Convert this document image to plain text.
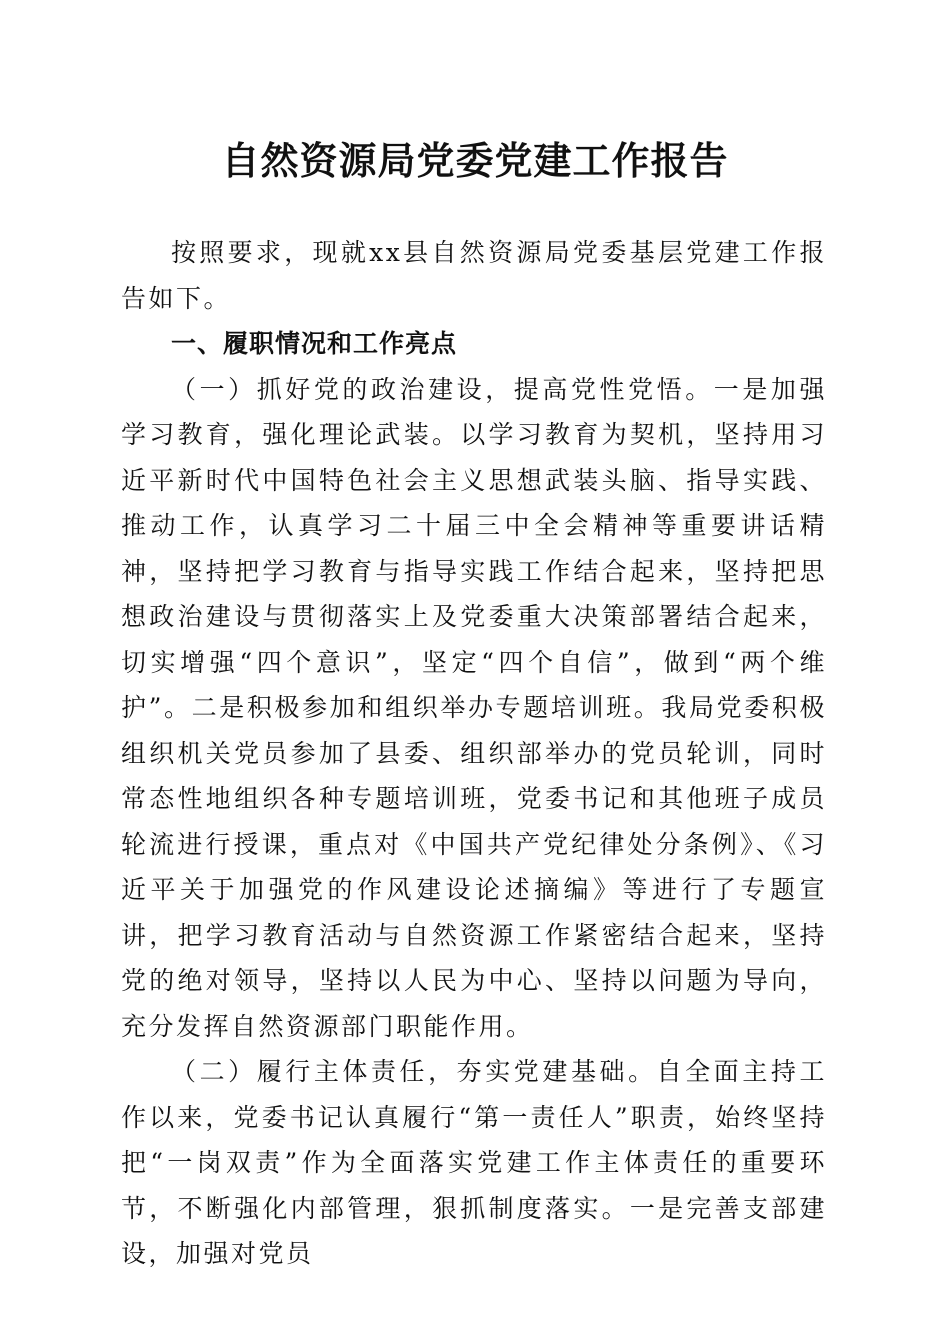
自然资源局党委党建工作报告

按照要求，现就xx县自然资源局党委基层党建工作报告如下。

一、履职情况和工作亮点

（一）抓好党的政治建设，提高党性党悟。一是加强学习教育，强化理论武装。以学习教育为契机，坚持用习近平新时代中国特色社会主义思想武装头脑、指导实践、推动工作，认真学习二十届三中全会精神等重要讲话精神，坚持把学习教育与指导实践工作结合起来，坚持把思想政治建设与贯彻落实上及党委重大决策部署结合起来，切实增强“四个意识”，坚定“四个自信”，做到“两个维护”。二是积极参加和组织举办专题培训班。我局党委积极组织机关党员参加了县委、组织部举办的党员轮训，同时常态性地组织各种专题培训班，党委书记和其他班子成员轮流进行授课，重点对《中国共产党纪律处分条例》、《习近平关于加强党的作风建设论述摘编》等进行了专题宣讲，把学习教育活动与自然资源工作紧密结合起来，坚持党的绝对领导，坚持以人民为中心、坚持以问题为导向，充分发挥自然资源部门职能作用。

（二）履行主体责任，夯实党建基础。自全面主持工作以来，党委书记认真履行“第一责任人”职责，始终坚持把“一岗双责”作为全面落实党建工作主体责任的重要环节，不断强化内部管理，狠抓制度落实。一是完善支部建设，加强对党员
